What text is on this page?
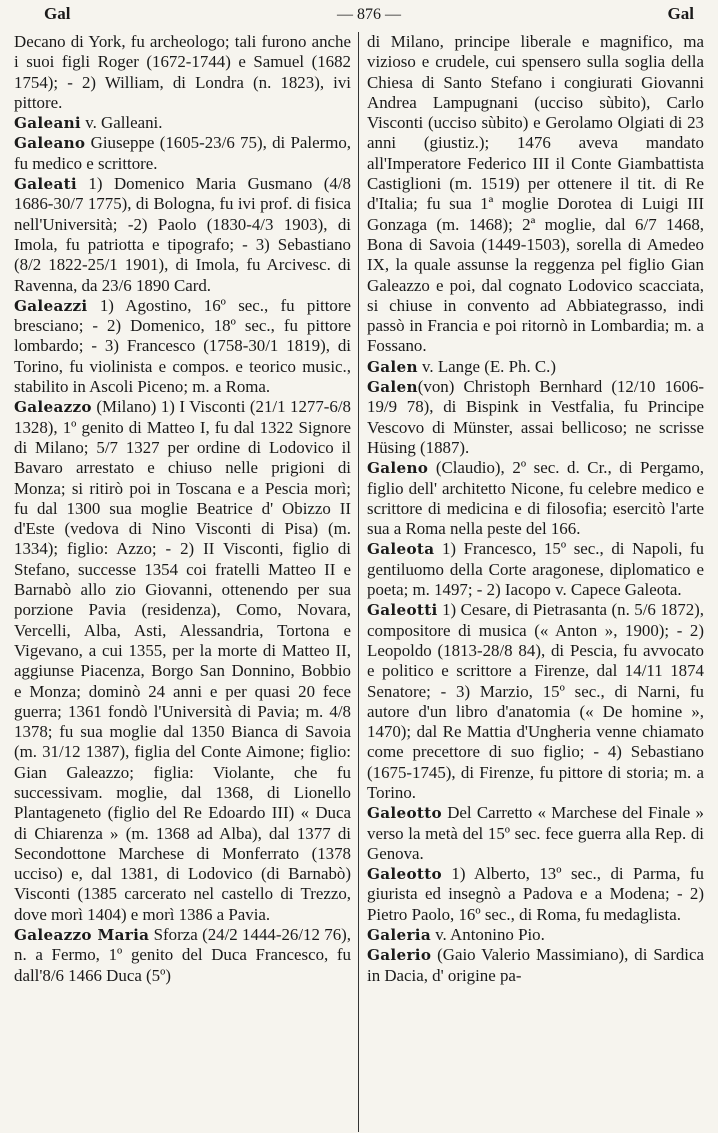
Gal	— 876 —	Gal

Decano di York, fu archeologo; tali furono anche i suoi figli Roger (1672-1744) e Samuel (1682 1754); - 2) William, di Londra (n. 1823), ivi pittore.

Galeani v. Galleani.

Galeano Giuseppe (1605-23/6 75), di Palermo, fu medico e scrittore.

Galeati 1) Domenico Maria Gusmano (4/8 1686-30/7 1775), di Bologna, fu ivi prof. di fisica nell'Università; -2) Paolo (1830-4/3 1903), di Imola, fu patriotta e tipografo; - 3) Sebastiano (8/2 1822-25/1 1901), di Imola, fu Arcivesc. di Ravenna, da 23/6 1890 Card.

Galeazzi 1) Agostino, 16º sec., fu pittore bresciano; - 2) Domenico, 18º sec., fu pittore lombardo; - 3) Francesco (1758-30/1 1819), di Torino, fu violinista e compos. e teorico music., stabilito in Ascoli Piceno; m. a Roma.

Galeazzo (Milano) 1) I Visconti (21/1 1277-6/8 1328), 1º genito di Matteo I, fu dal 1322 Signore di Milano; 5/7 1327 per ordine di Lodovico il Bavaro arrestato e chiuso nelle prigioni di Monza; si ritirò poi in Toscana e a Pescia morì; fu dal 1300 sua moglie Beatrice d' Obizzo II d'Este (vedova di Nino Visconti di Pisa) (m. 1334); figlio: Azzo; - 2) II Visconti, figlio di Stefano, successe 1354 coi fratelli Matteo II e Barnabò allo zio Giovanni, ottenendo per sua porzione Pavia (residenza), Como, Novara, Vercelli, Alba, Asti, Alessandria, Tortona e Vigevano, a cui 1355, per la morte di Matteo II, aggiunse Piacenza, Borgo San Donnino, Bobbio e Monza; dominò 24 anni e per quasi 20 fece guerra; 1361 fondò l'Università di Pavia; m. 4/8 1378; fu sua moglie dal 1350 Bianca di Savoia (m. 31/12 1387), figlia del Conte Aimone; figlio: Gian Galeazzo; figlia: Violante, che fu successivam. moglie, dal 1368, di Lionello Plantageneto (figlio del Re Edoardo III) « Duca di Chiarenza » (m. 1368 ad Alba), dal 1377 di Secondottone Marchese di Monferrato (1378 ucciso) e, dal 1381, di Lodovico (di Barnabò) Visconti (1385 carcerato nel castello di Trezzo, dove morì 1404) e morì 1386 a Pavia.

Galeazzo Maria Sforza (24/2 1444-26/12 76), n. a Fermo, 1º genito del Duca Francesco, fu dall'8/6 1466 Duca (5º)

di Milano, principe liberale e magnifico, ma vizioso e crudele, cui spensero sulla soglia della Chiesa di Santo Stefano i congiurati Giovanni Andrea Lampugnani (ucciso sùbito), Carlo Visconti (ucciso sùbito) e Gerolamo Olgiati di 23 anni (giustiz.); 1476 aveva mandato all'Imperatore Federico III il Conte Giambattista Castiglioni (m. 1519) per ottenere il tit. di Re d'Italia; fu sua 1ª moglie Dorotea di Luigi III Gonzaga (m. 1468); 2ª moglie, dal 6/7 1468, Bona di Savoia (1449-1503), sorella di Amedeo IX, la quale assunse la reggenza pel figlio Gian Galeazzo e poi, dal cognato Lodovico scacciata, si chiuse in convento ad Abbiategrasso, indi passò in Francia e poi ritornò in Lombardia; m. a Fossano.

Galen v. Lange (E. Ph. C.)

Galen(von) Christoph Bernhard (12/10 1606-19/9 78), di Bispink in Vestfalia, fu Principe Vescovo di Münster, assai bellicoso; ne scrisse Hüsing (1887).

Galeno (Claudio), 2º sec. d. Cr., di Pergamo, figlio dell' architetto Nicone, fu celebre medico e scrittore di medicina e di filosofia; esercitò l'arte sua a Roma nella peste del 166.

Galeota 1) Francesco, 15º sec., di Napoli, fu gentiluomo della Corte aragonese, diplomatico e poeta; m. 1497; - 2) Iacopo v. Capece Galeota.

Galeotti 1) Cesare, di Pietrasanta (n. 5/6 1872), compositore di musica (« Anton », 1900); - 2) Leopoldo (1813-28/8 84), di Pescia, fu avvocato e politico e scrittore a Firenze, dal 14/11 1874 Senatore; - 3) Marzio, 15º sec., di Narni, fu autore d'un libro d'anatomia (« De homine », 1470); dal Re Mattia d'Ungheria venne chiamato come precettore di suo figlio; - 4) Sebastiano (1675-1745), di Firenze, fu pittore di storia; m. a Torino.

Galeotto Del Carretto « Marchese del Finale » verso la metà del 15º sec. fece guerra alla Rep. di Genova.

Galeotto 1) Alberto, 13º sec., di Parma, fu giurista ed insegnò a Padova e a Modena; - 2) Pietro Paolo, 16º sec., di Roma, fu medaglista.

Galeria v. Antonino Pio.

Galerio (Gaio Valerio Massimiano), di Sardica in Dacia, d' origine pa-
